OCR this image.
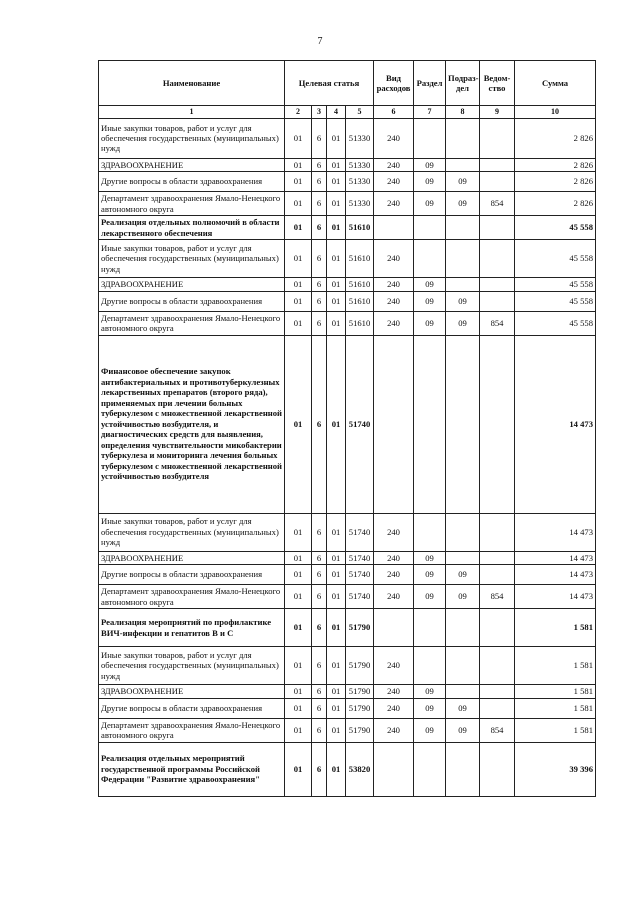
7
Наименование	Целевая статья				Вид расходов	Раздел	Подраз-дел	Ведом-ство	Сумма
1	2	3	4	5	6	7	8	9	10
Иные закупки товаров, работ и услуг для обеспечения государственных (муниципальных) нужд	01	6	01	51330	240				2 826
ЗДРАВООХРАНЕНИЕ	01	6	01	51330	240	09			2 826
Другие вопросы в области здравоохранения	01	6	01	51330	240	09	09		2 826
Департамент здравоохранения Ямало-Ненецкого автономного округа	01	6	01	51330	240	09	09	854	2 826
Реализация отдельных полномочий в области лекарственного обеспечения	01	6	01	51610					45 558
Иные закупки товаров, работ и услуг для обеспечения государственных (муниципальных) нужд	01	6	01	51610	240				45 558
ЗДРАВООХРАНЕНИЕ	01	6	01	51610	240	09			45 558
Другие вопросы в области здравоохранения	01	6	01	51610	240	09	09		45 558
Департамент здравоохранения Ямало-Ненецкого автономного округа	01	6	01	51610	240	09	09	854	45 558
Финансовое обеспечение закупок антибактериальных и противотуберкулезных лекарственных препаратов (второго ряда), применяемых при лечении больных туберкулезом с множественной лекарственной устойчивостью возбудителя, и диагностических средств для выявления, определения чувствительности микобактерии туберкулеза и мониторинга лечения больных туберкулезом с множественной лекарственной устойчивостью возбудителя	01	6	01	51740					14 473
Иные закупки товаров, работ и услуг для обеспечения государственных (муниципальных) нужд	01	6	01	51740	240				14 473
ЗДРАВООХРАНЕНИЕ	01	6	01	51740	240	09			14 473
Другие вопросы в области здравоохранения	01	6	01	51740	240	09	09		14 473
Департамент здравоохранения Ямало-Ненецкого автономного округа	01	6	01	51740	240	09	09	854	14 473
Реализация мероприятий по профилактике ВИЧ-инфекции и гепатитов В и С	01	6	01	51790					1 581
Иные закупки товаров, работ и услуг для обеспечения государственных (муниципальных) нужд	01	6	01	51790	240				1 581
ЗДРАВООХРАНЕНИЕ	01	6	01	51790	240	09			1 581
Другие вопросы в области здравоохранения	01	6	01	51790	240	09	09		1 581
Департамент здравоохранения Ямало-Ненецкого автономного округа	01	6	01	51790	240	09	09	854	1 581
Реализация отдельных мероприятий государственной программы Российской Федерации "Развитие здравоохранения"	01	6	01	53820					39 396
